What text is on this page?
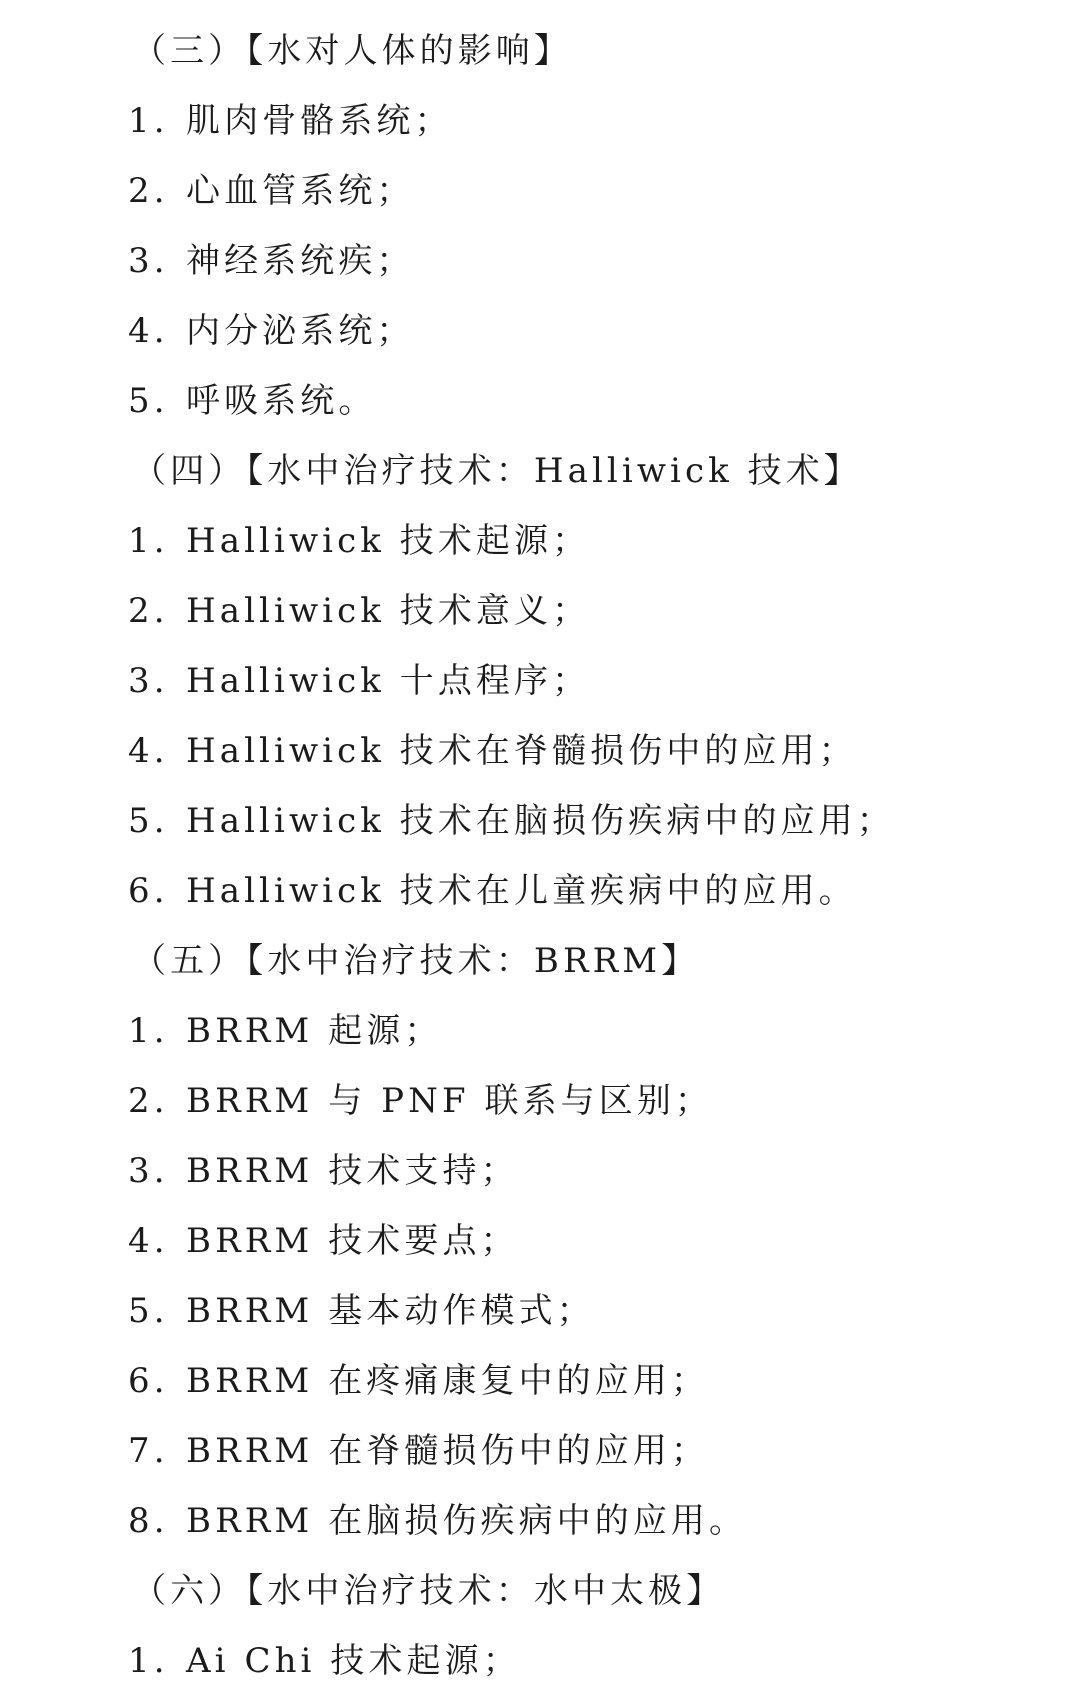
（三）【水对人体的影响】
1. 肌肉骨骼系统；
2. 心血管系统；
3. 神经系统疾；
4. 内分泌系统；
5. 呼吸系统。
（四）【水中治疗技术：Halliwick 技术】
1. Halliwick 技术起源；
2. Halliwick 技术意义；
3. Halliwick 十点程序；
4. Halliwick 技术在脊髓损伤中的应用；
5. Halliwick 技术在脑损伤疾病中的应用；
6. Halliwick 技术在儿童疾病中的应用。
（五）【水中治疗技术：BRRM】
1. BRRM 起源；
2. BRRM 与 PNF 联系与区别；
3. BRRM 技术支持；
4. BRRM 技术要点；
5. BRRM 基本动作模式；
6. BRRM 在疼痛康复中的应用；
7. BRRM 在脊髓损伤中的应用；
8. BRRM 在脑损伤疾病中的应用。
（六）【水中治疗技术：水中太极】
1. Ai Chi 技术起源；
